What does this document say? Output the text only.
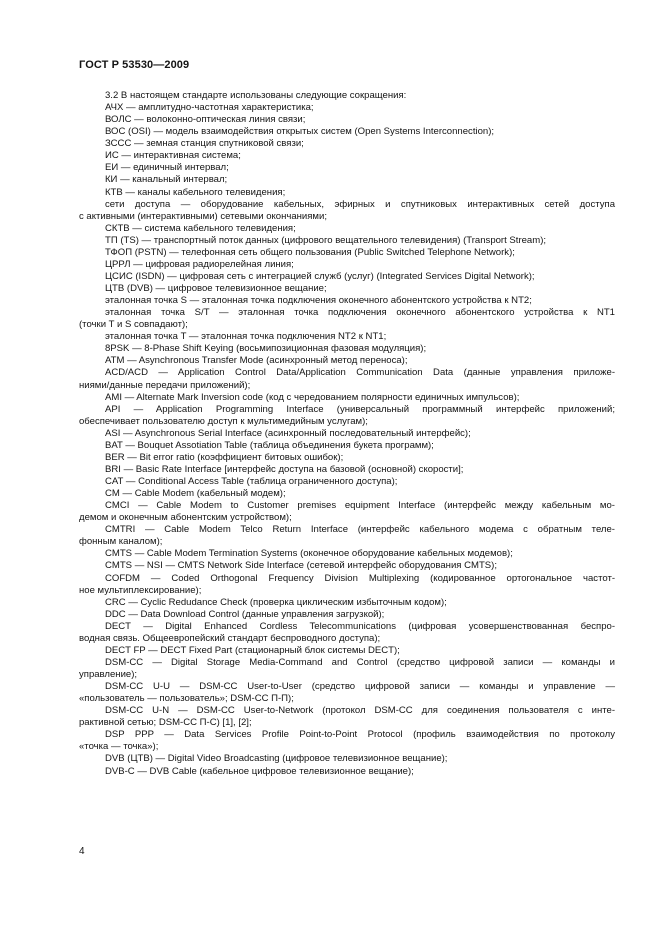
ГОСТ Р 53530—2009

3.2 В настоящем стандарте использованы следующие сокращения:

АЧХ — амплитудно-частотная характеристика;

ВОЛС — волоконно-оптическая линия связи;

ВОС (OSI) — модель взаимодействия открытых систем (Open Systems Interconnection);

ЗССС — земная станция спутниковой связи;

ИС — интерактивная система;

ЕИ — единичный интервал;

КИ — канальный интервал;

КТВ — каналы кабельного телевидения;

сети доступа — оборудование кабельных, эфирных и спутниковых интерактивных сетей доступа

с активными (интерактивными) сетевыми окончаниями;

СКТВ — система кабельного телевидения;

ТП (TS) — транспортный поток данных (цифрового вещательного телевидения) (Transport Stream);

ТФОП (PSTN) — телефонная сеть общего пользования (Public Switched Telephone Network);

ЦРРЛ — цифровая радиорелейная линия;

ЦСИС (ISDN) — цифровая сеть с интеграцией служб (услуг) (Integrated Services Digital Network);

ЦТВ (DVB) — цифровое телевизионное вещание;

эталонная точка S — эталонная точка подключения оконечного абонентского устройства к NT2;

эталонная точка S/T — эталонная точка подключения оконечного абонентского устройства к NT1

(точки T и S совпадают);

эталонная точка T — эталонная точка подключения NT2 к NT1;

8PSK — 8-Phase Shift Keying (восьмипозиционная фазовая модуляция);

ATM — Asynchronous Transfer Mode (асинхронный метод переноса);

ACD/ACD — Application Control Data/Application Communication Data (данные управления приложе-

ниями/данные передачи приложений);

AMI — Alternate Mark Inversion code (код с чередованием полярности единичных импульсов);

API — Application Programming Interface (универсальный программный интерфейс приложений;

обеспечивает пользователю доступ к мультимедийным услугам);

ASI — Asynchronous Serial Interface (асинхронный последовательный интерфейс);

BAT — Bouquet Assotiation Table (таблица объединения букета программ);

BER — Bit error ratio (коэффициент битовых ошибок);

BRI — Basic Rate Interface [интерфейс доступа на базовой (основной) скорости];

CAT — Conditional Access Table (таблица ограниченного доступа);

CM — Cable Modem (кабельный модем);

CMCI — Cable Modem to Customer premises equipment Interface (интерфейс между кабельным мо-

демом и оконечным абонентским устройством);

CMTRI — Cable Modem Telco Return Interface (интерфейс кабельного модема с обратным теле-

фонным каналом);

CMTS — Cable Modem Termination Systems (оконечное оборудование кабельных модемов);

CMTS — NSI — CMTS Network Side Interface (сетевой интерфейс оборудования CMTS);

COFDM — Coded Orthogonal Frequency Division Multiplexing (кодированное ортогональное частот-

ное мультиплексирование);

CRC — Cyclic Redudance Check (проверка циклическим избыточным кодом);

DDC — Data Download Control (данные управления загрузкой);

DECT — Digital Enhanced Cordless Telecommunications (цифровая усовершенствованная беспро-

водная связь. Общеевропейский стандарт беспроводного доступа);

DECT FP — DECT Fixed Part (стационарный блок системы DECT);

DSM-CC — Digital Storage Media-Command and Control (средство цифровой записи — команды и

управление);

DSM-CC U-U — DSM-CC User-to-User (средство цифровой записи — команды и управление —

«пользователь — пользователь»; DSM-CC П-П);

DSM-CC U-N — DSM-CC User-to-Network (протокол DSM-CC для соединения пользователя с инте-

рактивной сетью; DSM-CC П-С) [1], [2];

DSP PPP — Data Services Profile Point-to-Point Protocol (профиль взаимодействия по протоколу

«точка — точка»);

DVB (ЦТВ) — Digital Video Broadcasting (цифровое телевизионное вещание);

DVB-C — DVB Cable (кабельное цифровое телевизионное вещание);

4
